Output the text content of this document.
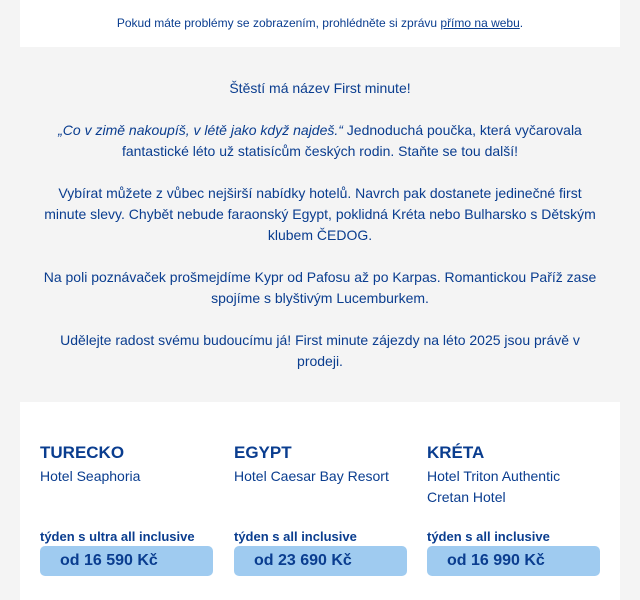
Pokud máte problémy se zobrazením, prohlédněte si zprávu přímo na webu.

Štěstí má název First minute!

„Co v zimě nakoupíš, v létě jako když najdeš.“ Jednoduchá poučka, která vyčarovala fantastické léto už statisícům českých rodin. Staňte se tou další!

Vybírat můžete z vůbec nejširší nabídky hotelů. Navrch pak dostanete jedinečné first minute slevy. Chybět nebude faraonský Egypt, poklidná Kréta nebo Bulharsko s Dětským klubem ČEDOG.

Na poli poznávaček prošmejdíme Kypr od Pafosu až po Karpas. Romantickou Paříž zase spojíme s blyštivým Lucemburkem.

Udělejte radost svému budoucímu já! First minute zájezdy na léto 2025 jsou právě v prodeji.

TURECKO
Hotel Seaphoria
týden s ultra all inclusive
od 16 590 Kč
EGYPT
Hotel Caesar Bay Resort
týden s all inclusive
od 23 690 Kč
KRÉTA
Hotel Triton Authentic Cretan Hotel
týden s all inclusive
od 16 990 Kč
